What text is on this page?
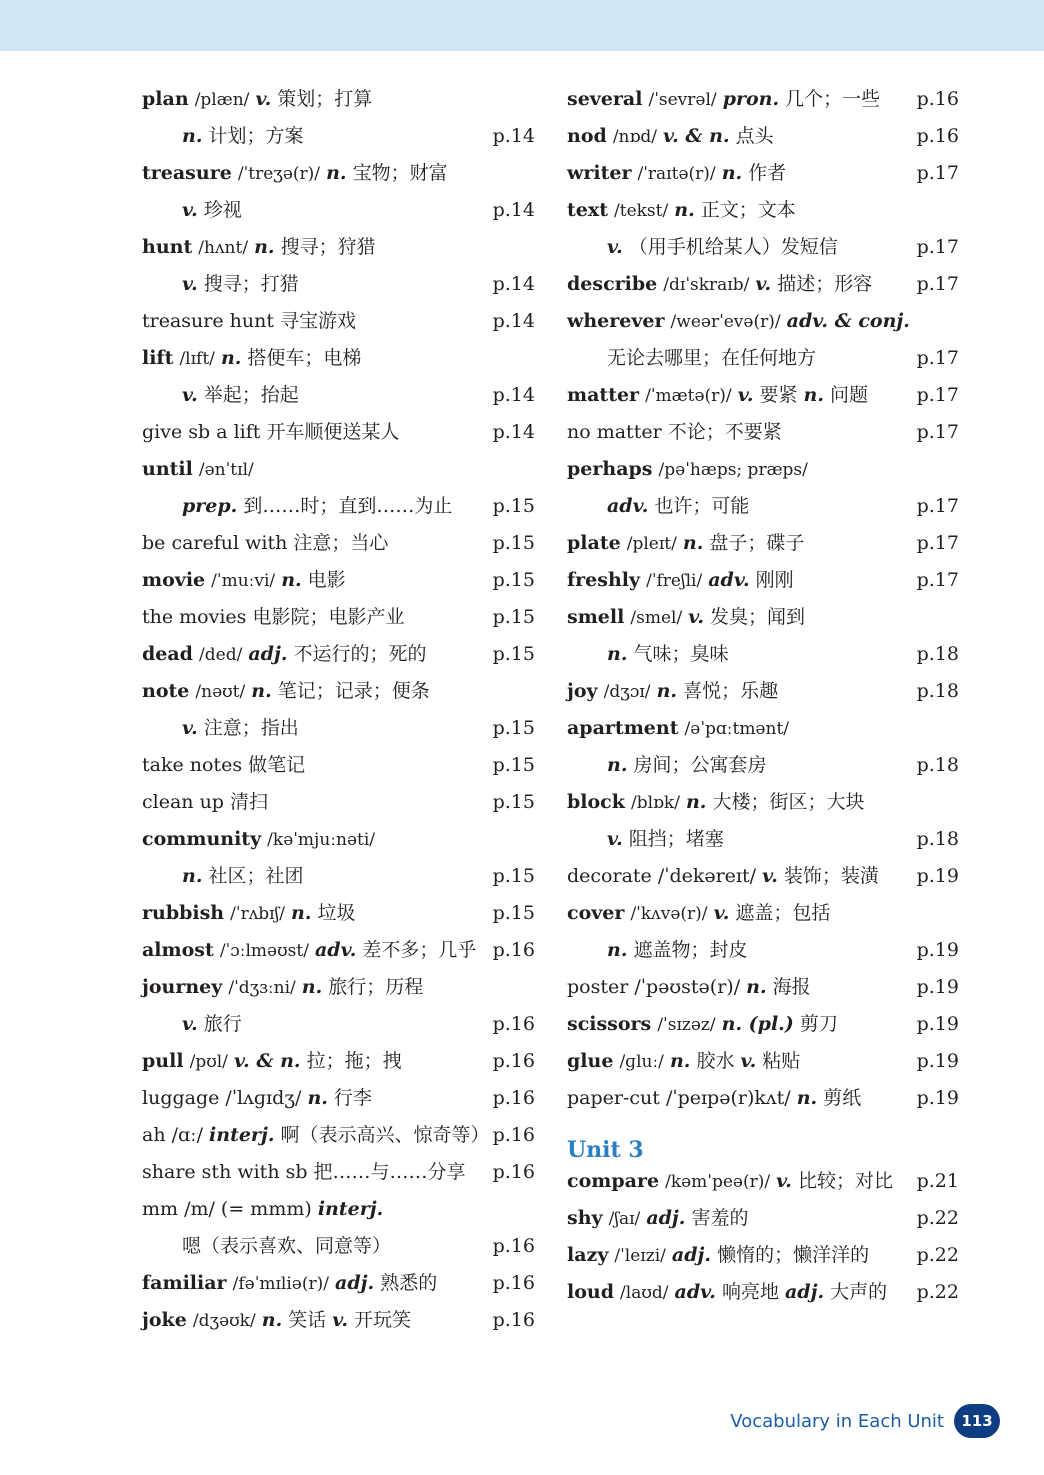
plan /plæn/ v. 策划；打算
n. 计划；方案	p.14
treasure /ˈtreʒə(r)/ n. 宝物；财富
v. 珍视	p.14
hunt /hʌnt/ n. 搜寻；狩猎
v. 搜寻；打猎	p.14
treasure hunt 寻宝游戏	p.14
lift /lɪft/ n. 搭便车；电梯
v. 举起；抬起	p.14
give sb a lift 开车顺便送某人	p.14
until /ənˈtɪl/
prep. 到……时；直到……为止 p.15
be careful with 注意；当心	p.15
movie /ˈmuːvi/ n. 电影	p.15
the movies 电影院；电影产业	p.15
dead /ded/ adj. 不运行的；死的	p.15
note /nəʊt/ n. 笔记；记录；便条
v. 注意；指出	p.15
take notes 做笔记	p.15
clean up 清扫	p.15
community /kəˈmjuːnəti/
n. 社区；社团	p.15
rubbish /ˈrʌbɪʃ/ n. 垃圾	p.15
almost /ˈɔːlməʊst/ adv. 差不多；几乎 p.16
journey /ˈdʒɜːni/ n. 旅行；历程
v. 旅行	p.16
pull /pʊl/ v. & n. 拉；拖；拽	p.16
luggage /ˈlʌɡɪdʒ/ n. 行李	p.16
ah /ɑː/ interj. 啊（表示高兴、惊奇等） p.16
share sth with sb 把……与……分享 p.16
mm /m/ (= mmm) interj.
嗯（表示喜欢、同意等）	p.16
familiar /fəˈmɪliə(r)/ adj. 熟悉的	p.16
joke /dʒəʊk/ n. 笑话 v. 开玩笑	p.16
several /ˈsevrəl/ pron. 几个；一些 p.16
nod /nɒd/ v. & n. 点头	p.16
writer /ˈraɪtə(r)/ n. 作者	p.17
text /tekst/ n. 正文；文本
v. （用手机给某人）发短信	p.17
describe /dɪˈskraɪb/ v. 描述；形容 p.17
wherever /weərˈevə(r)/ adv. & conj.
无论去哪里；在任何地方	p.17
matter /ˈmætə(r)/ v. 要紧 n. 问题	p.17
no matter 不论；不要紧	p.17
perhaps /pəˈhæps; præps/
adv. 也许；可能	p.17
plate /pleɪt/ n. 盘子；碟子	p.17
freshly /ˈfreʃli/ adv. 刚刚	p.17
smell /smel/ v. 发臭；闻到
n. 气味；臭味	p.18
joy /dʒɔɪ/ n. 喜悦；乐趣	p.18
apartment /əˈpɑːtmənt/
n. 房间；公寓套房	p.18
block /blɒk/ n. 大楼；街区；大块
v. 阻挡；堵塞	p.18
decorate /ˈdekəreɪt/ v. 装饰；装潢 p.19
cover /ˈkʌvə(r)/ v. 遮盖；包括
n. 遮盖物；封皮	p.19
poster /ˈpəʊstə(r)/ n. 海报	p.19
scissors /ˈsɪzəz/ n. (pl.) 剪刀	p.19
glue /ɡluː/ n. 胶水 v. 粘贴	p.19
paper-cut /ˈpeɪpə(r)kʌt/ n. 剪纸	p.19
Unit 3
compare /kəmˈpeə(r)/ v. 比较；对比 p.21
shy /ʃaɪ/ adj. 害羞的	p.22
lazy /ˈleɪzi/ adj. 懒惰的；懒洋洋的	p.22
loud /laʊd/ adv. 响亮地 adj. 大声的 p.22
Vocabulary in Each Unit	113
